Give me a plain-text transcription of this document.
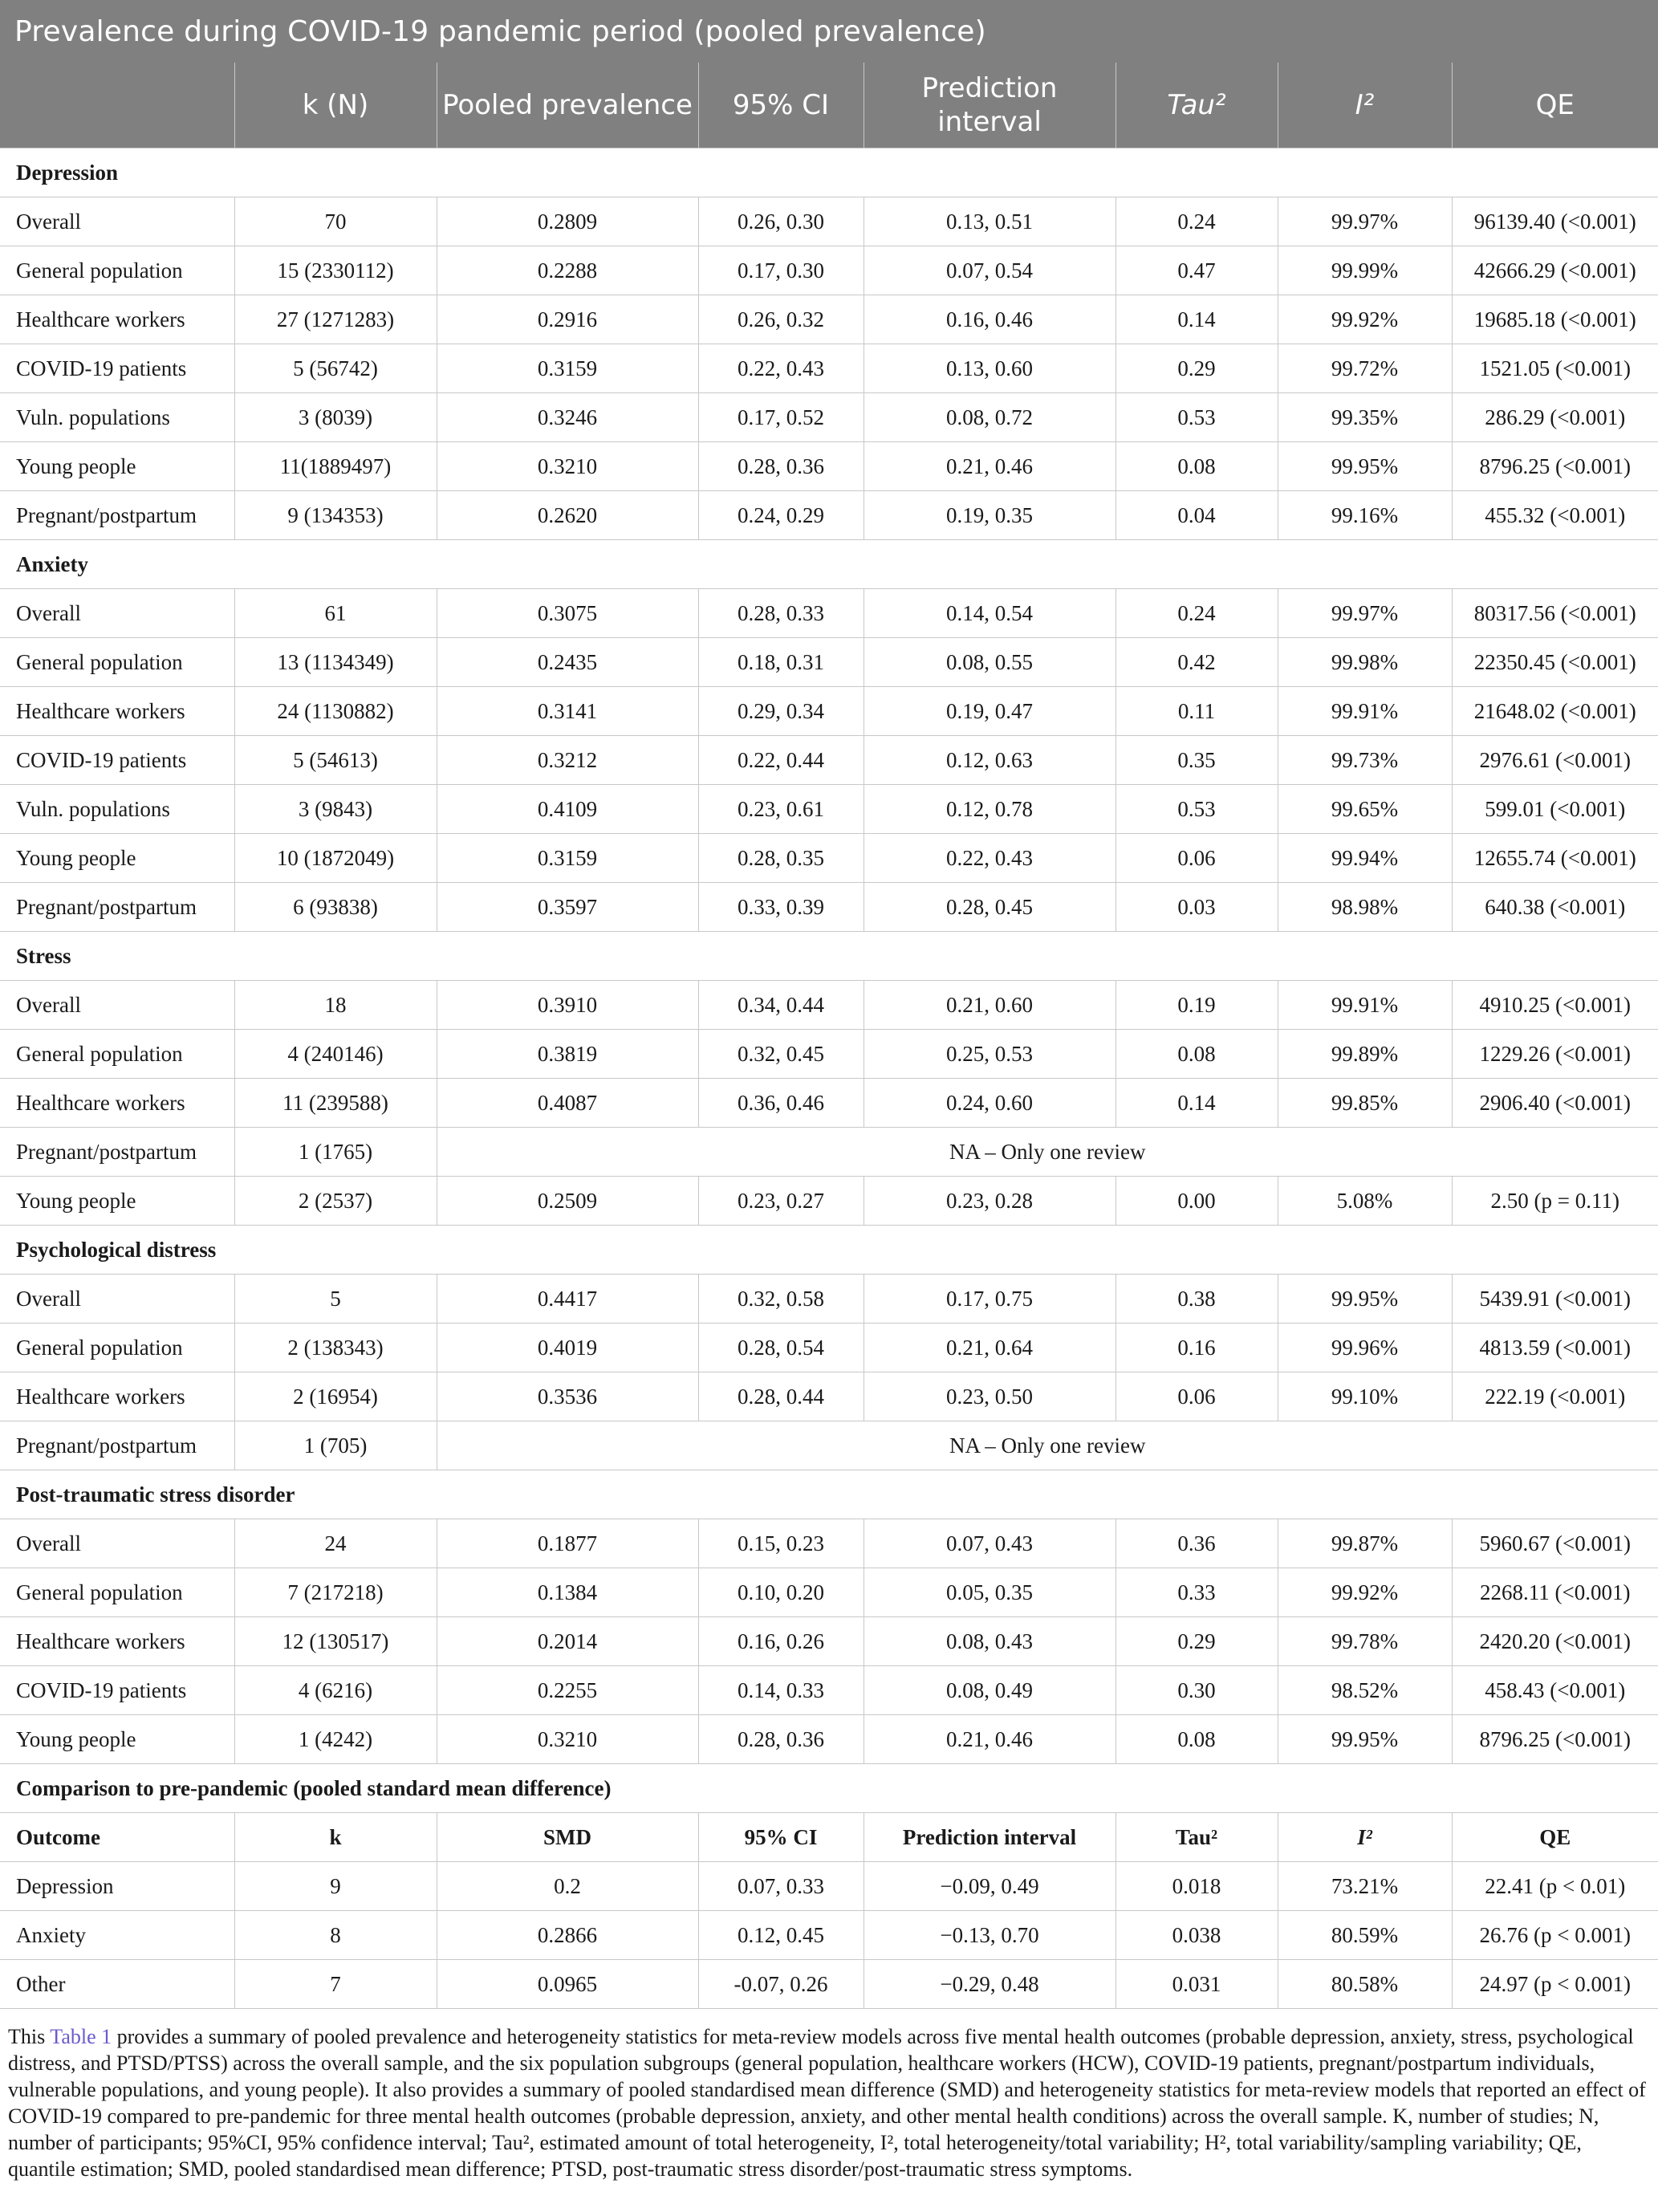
Prevalence during COVID-19 pandemic period (pooled prevalence)
	k (N)	Pooled prevalence	95% CI	Prediction interval	Tau²	I²	QE
Depression							
Overall	70	0.2809	0.26, 0.30	0.13, 0.51	0.24	99.97%	96139.40 (<0.001)
General population	15 (2330112)	0.2288	0.17, 0.30	0.07, 0.54	0.47	99.99%	42666.29 (<0.001)
Healthcare workers	27 (1271283)	0.2916	0.26, 0.32	0.16, 0.46	0.14	99.92%	19685.18 (<0.001)
COVID-19 patients	5 (56742)	0.3159	0.22, 0.43	0.13, 0.60	0.29	99.72%	1521.05 (<0.001)
Vuln. populations	3 (8039)	0.3246	0.17, 0.52	0.08, 0.72	0.53	99.35%	286.29 (<0.001)
Young people	11(1889497)	0.3210	0.28, 0.36	0.21, 0.46	0.08	99.95%	8796.25 (<0.001)
Pregnant/postpartum	9 (134353)	0.2620	0.24, 0.29	0.19, 0.35	0.04	99.16%	455.32 (<0.001)
Anxiety							
Overall	61	0.3075	0.28, 0.33	0.14, 0.54	0.24	99.97%	80317.56 (<0.001)
General population	13 (1134349)	0.2435	0.18, 0.31	0.08, 0.55	0.42	99.98%	22350.45 (<0.001)
Healthcare workers	24 (1130882)	0.3141	0.29, 0.34	0.19, 0.47	0.11	99.91%	21648.02 (<0.001)
COVID-19 patients	5 (54613)	0.3212	0.22, 0.44	0.12, 0.63	0.35	99.73%	2976.61 (<0.001)
Vuln. populations	3 (9843)	0.4109	0.23, 0.61	0.12, 0.78	0.53	99.65%	599.01 (<0.001)
Young people	10 (1872049)	0.3159	0.28, 0.35	0.22, 0.43	0.06	99.94%	12655.74 (<0.001)
Pregnant/postpartum	6 (93838)	0.3597	0.33, 0.39	0.28, 0.45	0.03	98.98%	640.38 (<0.001)
Stress							
Overall	18	0.3910	0.34, 0.44	0.21, 0.60	0.19	99.91%	4910.25 (<0.001)
General population	4 (240146)	0.3819	0.32, 0.45	0.25, 0.53	0.08	99.89%	1229.26 (<0.001)
Healthcare workers	11 (239588)	0.4087	0.36, 0.46	0.24, 0.60	0.14	99.85%	2906.40 (<0.001)
Pregnant/postpartum	1 (1765)	NA – Only one review					
Young people	2 (2537)	0.2509	0.23, 0.27	0.23, 0.28	0.00	5.08%	2.50 (p = 0.11)
Psychological distress							
Overall	5	0.4417	0.32, 0.58	0.17, 0.75	0.38	99.95%	5439.91 (<0.001)
General population	2 (138343)	0.4019	0.28, 0.54	0.21, 0.64	0.16	99.96%	4813.59 (<0.001)
Healthcare workers	2 (16954)	0.3536	0.28, 0.44	0.23, 0.50	0.06	99.10%	222.19 (<0.001)
Pregnant/postpartum	1 (705)	NA – Only one review					
Post-traumatic stress disorder							
Overall	24	0.1877	0.15, 0.23	0.07, 0.43	0.36	99.87%	5960.67 (<0.001)
General population	7 (217218)	0.1384	0.10, 0.20	0.05, 0.35	0.33	99.92%	2268.11 (<0.001)
Healthcare workers	12 (130517)	0.2014	0.16, 0.26	0.08, 0.43	0.29	99.78%	2420.20 (<0.001)
COVID-19 patients	4 (6216)	0.2255	0.14, 0.33	0.08, 0.49	0.30	98.52%	458.43 (<0.001)
Young people	1 (4242)	0.3210	0.28, 0.36	0.21, 0.46	0.08	99.95%	8796.25 (<0.001)
Comparison to pre-pandemic (pooled standard mean difference)							
Outcome	k	SMD	95% CI	Prediction interval	Tau²	I²	QE
Depression	9	0.2	0.07, 0.33	−0.09, 0.49	0.018	73.21%	22.41 (p < 0.01)
Anxiety	8	0.2866	0.12, 0.45	−0.13, 0.70	0.038	80.59%	26.76 (p < 0.001)
Other	7	0.0965	-0.07, 0.26	−0.29, 0.48	0.031	80.58%	24.97 (p < 0.001)
This Table 1 provides a summary of pooled prevalence and heterogeneity statistics for meta-review models across five mental health outcomes (probable depression, anxiety, stress, psychological distress, and PTSD/PTSS) across the overall sample, and the six population subgroups (general population, healthcare workers (HCW), COVID-19 patients, pregnant/postpartum individuals, vulnerable populations, and young people). It also provides a summary of pooled standardised mean difference (SMD) and heterogeneity statistics for meta-review models that reported an effect of COVID-19 compared to pre-pandemic for three mental health outcomes (probable depression, anxiety, and other mental health conditions) across the overall sample. K, number of studies; N, number of participants; 95%CI, 95% confidence interval; Tau², estimated amount of total heterogeneity, I², total heterogeneity/total variability; H², total variability/sampling variability; QE, quantile estimation; SMD, pooled standardised mean difference; PTSD, post-traumatic stress disorder/post-traumatic stress symptoms.
